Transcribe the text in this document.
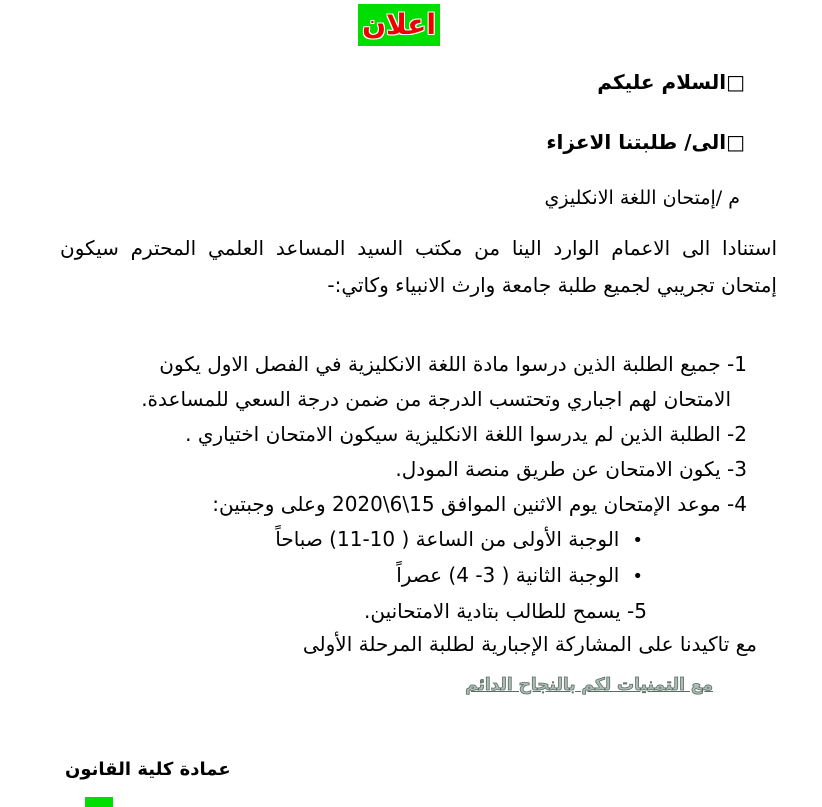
اعلان
□السلام عليكم
□الى/ طلبتنا الاعزاء
م /إمتحان اللغة الانكليزي
استنادا الى الاعمام الوارد الينا من مكتب السيد المساعد العلمي المحترم سيكون إمتحان تجريبي لجميع طلبة جامعة وارث الانبياء وكاتي:-
1- جميع الطلبة الذين درسوا مادة اللغة الانكليزية في الفصل الاول يكون الامتحان لهم اجباري وتحتسب الدرجة من ضمن درجة السعي للمساعدة.
2- الطلبة الذين لم يدرسوا اللغة الانكليزية سيكون الامتحان اختياري .
3- يكون الامتحان عن طريق منصة المودل.
4- موعد الإمتحان يوم الاثنين الموافق 15\6\2020 وعلى وجبتين:
•الوجبة الأولى من الساعة ( 10-11) صباحاً
•الوجبة الثانية ( 3- 4) عصراً
5- يسمح للطالب بتادية الامتحانين.
مع تاكيدنا على المشاركة الإجبارية لطلبة المرحلة الأولى
مع التمنيات لكم بالنجاح الدائم
عمادة كلية القانون
